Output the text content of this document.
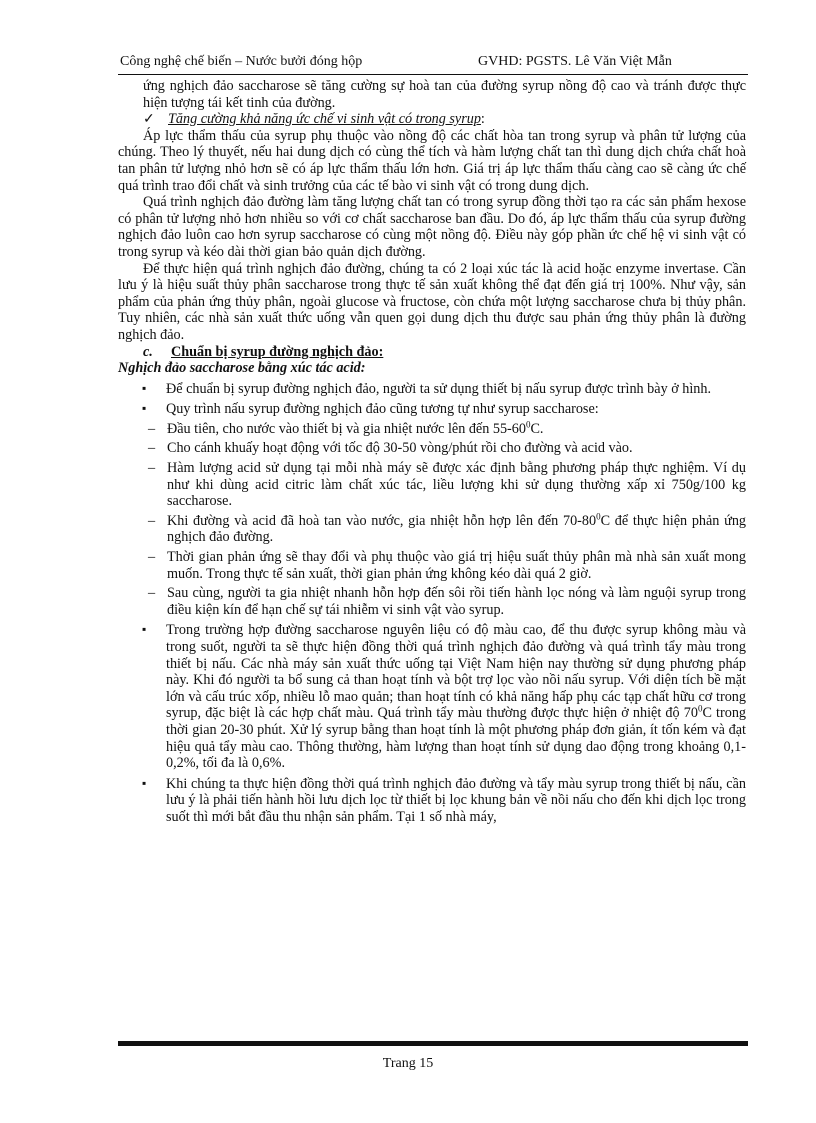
Công nghệ chế biến – Nước bưởi đóng hộp	GVHD: PGSTS. Lê Văn Việt Mẫn

ứng nghịch đảo saccharose sẽ tăng cường sự hoà tan của đường syrup nồng độ cao và tránh được thực hiện tượng tái kết tinh của đường.

✓ Tăng cường khả năng ức chế vi sinh vật có trong syrup:

Áp lực thẩm thấu của syrup phụ thuộc vào nồng độ các chất hòa tan trong syrup và phân tử lượng của chúng. Theo lý thuyết, nếu hai dung dịch có cùng thể tích và hàm lượng chất tan thì dung dịch chứa chất hoà tan phân tử lượng nhỏ hơn sẽ có áp lực thẩm thấu lớn hơn. Giá trị áp lực thẩm thấu càng cao sẽ càng ức chế quá trình trao đổi chất và sinh trưởng của các tế bào vi sinh vật có trong dung dịch.

Quá trình nghịch đảo đường làm tăng lượng chất tan có trong syrup đồng thời tạo ra các sản phẩm hexose có phân tử lượng nhỏ hơn nhiều so với cơ chất saccharose ban đầu. Do đó, áp lực thẩm thấu của syrup đường nghịch đảo luôn cao hơn syrup saccharose có cùng một nồng độ. Điều này góp phần ức chế hệ vi sinh vật có trong syrup và kéo dài thời gian bảo quản dịch đường.

Để thực hiện quá trình nghịch đảo đường, chúng ta có 2 loại xúc tác là acid hoặc enzyme invertase. Cần lưu ý là hiệu suất thủy phân saccharose trong thực tế sản xuất không thể đạt đến giá trị 100%. Như vậy, sản phẩm của phản ứng thủy phân, ngoài glucose và fructose, còn chứa một lượng saccharose chưa bị thủy phân. Tuy nhiên, các nhà sản xuất thức uống vẫn quen gọi dung dịch thu được sau phản ứng thủy phân là đường nghịch đảo.

c. Chuẩn bị syrup đường nghịch đảo:

Nghịch đảo saccharose bằng xúc tác acid:

▪ Để chuẩn bị syrup đường nghịch đảo, người ta sử dụng thiết bị nấu syrup được trình bày ở hình.
▪ Quy trình nấu syrup đường nghịch đảo cũng tương tự như syrup saccharose:
– Đầu tiên, cho nước vào thiết bị và gia nhiệt nước lên đến $55-60^0C$.
– Cho cánh khuấy hoạt động với tốc độ 30-50 vòng/phút rồi cho đường và acid vào.
– Hàm lượng acid sử dụng tại mỗi nhà máy sẽ được xác định bằng phương pháp thực nghiệm. Ví dụ như khi dùng acid citric làm chất xúc tác, liều lượng khi sử dụng thường xấp xỉ 750g/100 kg saccharose.
– Khi đường và acid đã hoà tan vào nước, gia nhiệt hỗn hợp lên đến $70-80^0C$ để thực hiện phản ứng nghịch đảo đường.
– Thời gian phản ứng sẽ thay đổi và phụ thuộc vào giá trị hiệu suất thủy phân mà nhà sản xuất mong muốn. Trong thực tế sản xuất, thời gian phản ứng không kéo dài quá 2 giờ.
– Sau cùng, người ta gia nhiệt nhanh hỗn hợp đến sôi rồi tiến hành lọc nóng và làm nguội syrup trong điều kiện kín để hạn chế sự tái nhiễm vi sinh vật vào syrup.
▪ Trong trường hợp đường saccharose nguyên liệu có độ màu cao, để thu được syrup không màu và trong suốt, người ta sẽ thực hiện đồng thời quá trình nghịch đảo đường và quá trình tẩy màu trong thiết bị nấu. Các nhà máy sản xuất thức uống tại Việt Nam hiện nay thường sử dụng phương pháp này. Khi đó người ta bổ sung cả than hoạt tính và bột trợ lọc vào nồi nấu syrup. Với diện tích bề mặt lớn và cấu trúc xốp, nhiều lỗ mao quản; than hoạt tính có khả năng hấp phụ các tạp chất hữu cơ trong syrup, đặc biệt là các hợp chất màu. Quá trình tẩy màu thường được thực hiện ở nhiệt độ $70^0C$ trong thời gian 20-30 phút. Xử lý syrup bằng than hoạt tính là một phương pháp đơn giản, ít tốn kém và đạt hiệu quả tẩy màu cao. Thông thường, hàm lượng than hoạt tính sử dụng dao động trong khoảng 0,1-0,2%, tối đa là 0,6%.
▪ Khi chúng ta thực hiện đồng thời quá trình nghịch đảo đường và tẩy màu syrup trong thiết bị nấu, cần lưu ý là phải tiến hành hồi lưu dịch lọc từ thiết bị lọc khung bản về nồi nấu cho đến khi dịch lọc trong suốt thì mới bắt đầu thu nhận sản phẩm. Tại 1 số nhà máy,
Trang 15
